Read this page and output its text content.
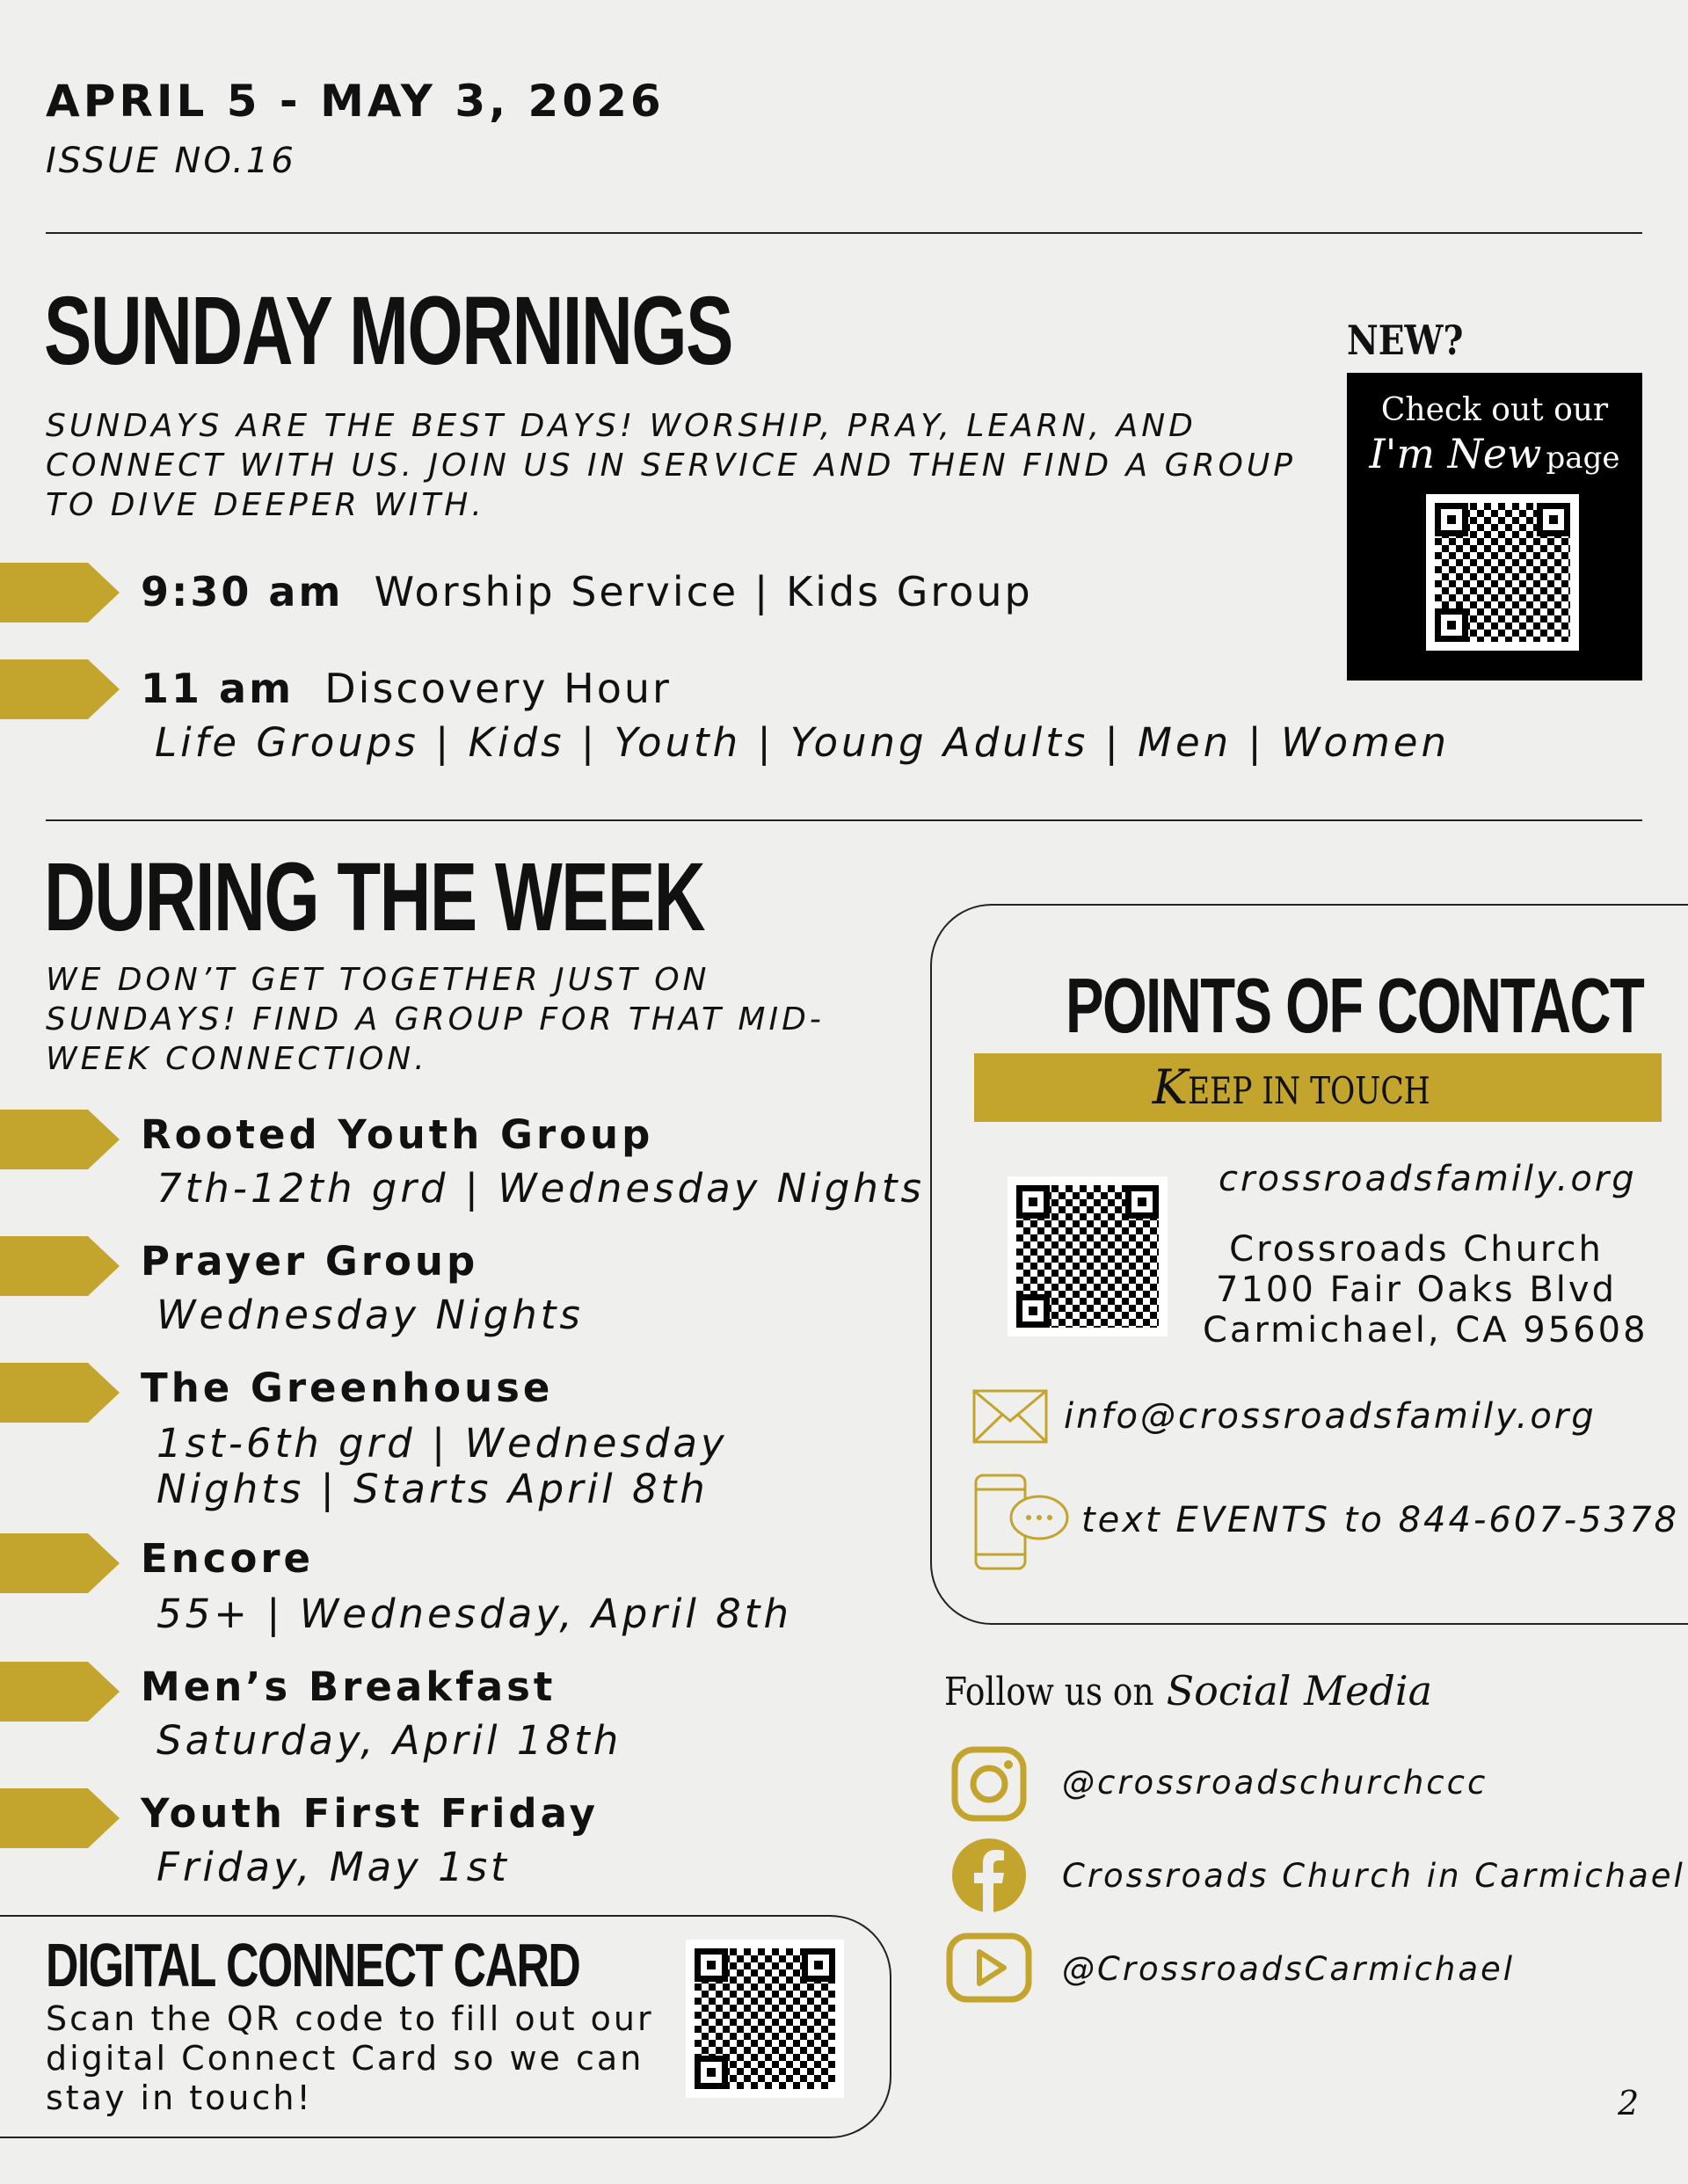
APRIL 5 - MAY 3, 2026
ISSUE NO.16
SUNDAY MORNINGS
SUNDAYS ARE THE BEST DAYS! WORSHIP, PRAY, LEARN, AND CONNECT WITH US. JOIN US IN SERVICE AND THEN FIND A GROUP TO DIVE DEEPER WITH.
9:30 am Worship Service | Kids Group
11 am Discovery Hour
Life Groups | Kids | Youth | Young Adults | Men | Women
NEW?
Check out our
I'm New page
DURING THE WEEK
WE DON’T GET TOGETHER JUST ON SUNDAYS! FIND A GROUP FOR THAT MID-WEEK CONNECTION.
Rooted Youth Group
7th-12th grd | Wednesday Nights
Prayer Group
Wednesday Nights
The Greenhouse
1st-6th grd | Wednesday
Nights | Starts April 8th
Encore
55+ | Wednesday, April 8th
Men’s Breakfast
Saturday, April 18th
Youth First Friday
Friday, May 1st
POINTS OF CONTACT
KEEP IN TOUCH
crossroadsfamily.org
Crossroads Church
7100 Fair Oaks Blvd
Carmichael, CA 95608
info@crossroadsfamily.org
text EVENTS to 844-607-5378
Follow us on Social Media
@crossroadschurchccc
Crossroads Church in Carmichael
@CrossroadsCarmichael
DIGITAL CONNECT CARD
Scan the QR code to fill out our digital Connect Card so we can stay in touch!	2
